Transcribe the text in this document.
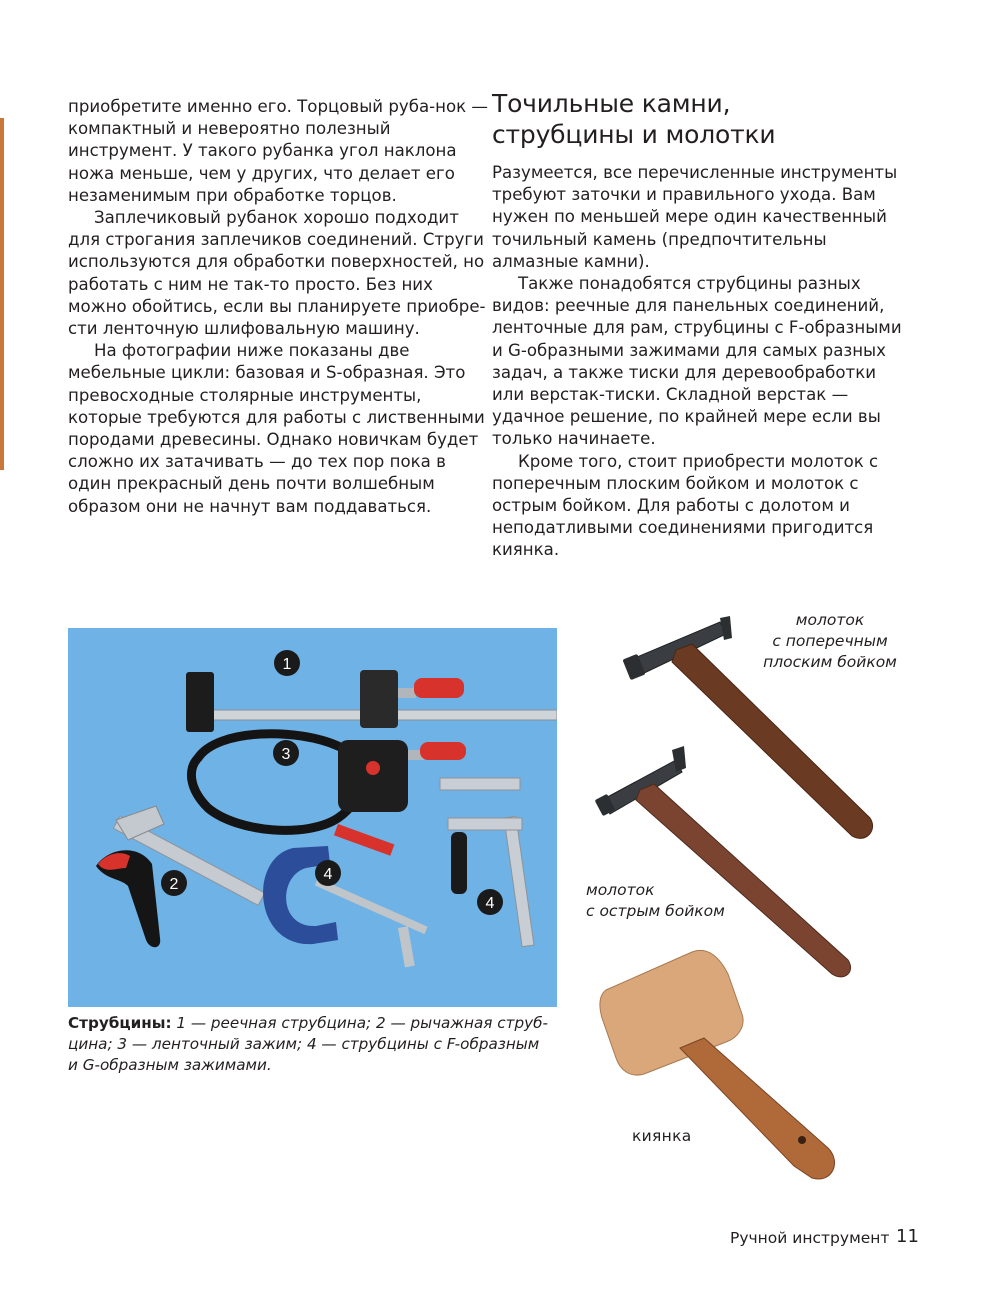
приобретите именно его. Торцовый руба-нок — компактный и невероятно полезный инструмент. У такого рубанка угол наклона ножа меньше, чем у других, что делает его незаменимым при обработке торцов.

Заплечиковый рубанок хорошо подходит для строгания заплечиков соединений. Струги используются для обработки поверхностей, но работать с ним не так-то просто. Без них можно обойтись, если вы планируете приобре-сти ленточную шлифовальную машину.

На фотографии ниже показаны две мебельные цикли: базовая и S-образная. Это превосходные столярные инструменты, которые требуются для работы с лиственными породами древесины. Однако новичкам будет сложно их затачивать — до тех пор пока в один прекрасный день почти волшебным образом они не начнут вам поддаваться.

Точильные камни,
струбцины и молотки

Разумеется, все перечисленные инструменты требуют заточки и правильного ухода. Вам нужен по меньшей мере один качественный точильный камень (предпочтительны алмазные камни).

Также понадобятся струбцины разных видов: реечные для панельных соединений, ленточные для рам, струбцины с F-образными и G-образными зажимами для самых разных задач, а также тиски для деревообработки или верстак-тиски. Складной верстак — удачное решение, по крайней мере если вы только начинаете.

Кроме того, стоит приобрести молоток с поперечным плоским бойком и молоток с острым бойком. Для работы с долотом и неподатливыми соединениями пригодится киянка.

1
2
3
4
4
Струбцины: 1 — реечная струбцина; 2 — рычажная струб-цина; 3 — ленточный зажим; 4 — струбцины с F-образным и G-образным зажимами.
молоток
с поперечным
плоским бойком
молоток
с острым бойком
киянка
Ручной инструмент 11
